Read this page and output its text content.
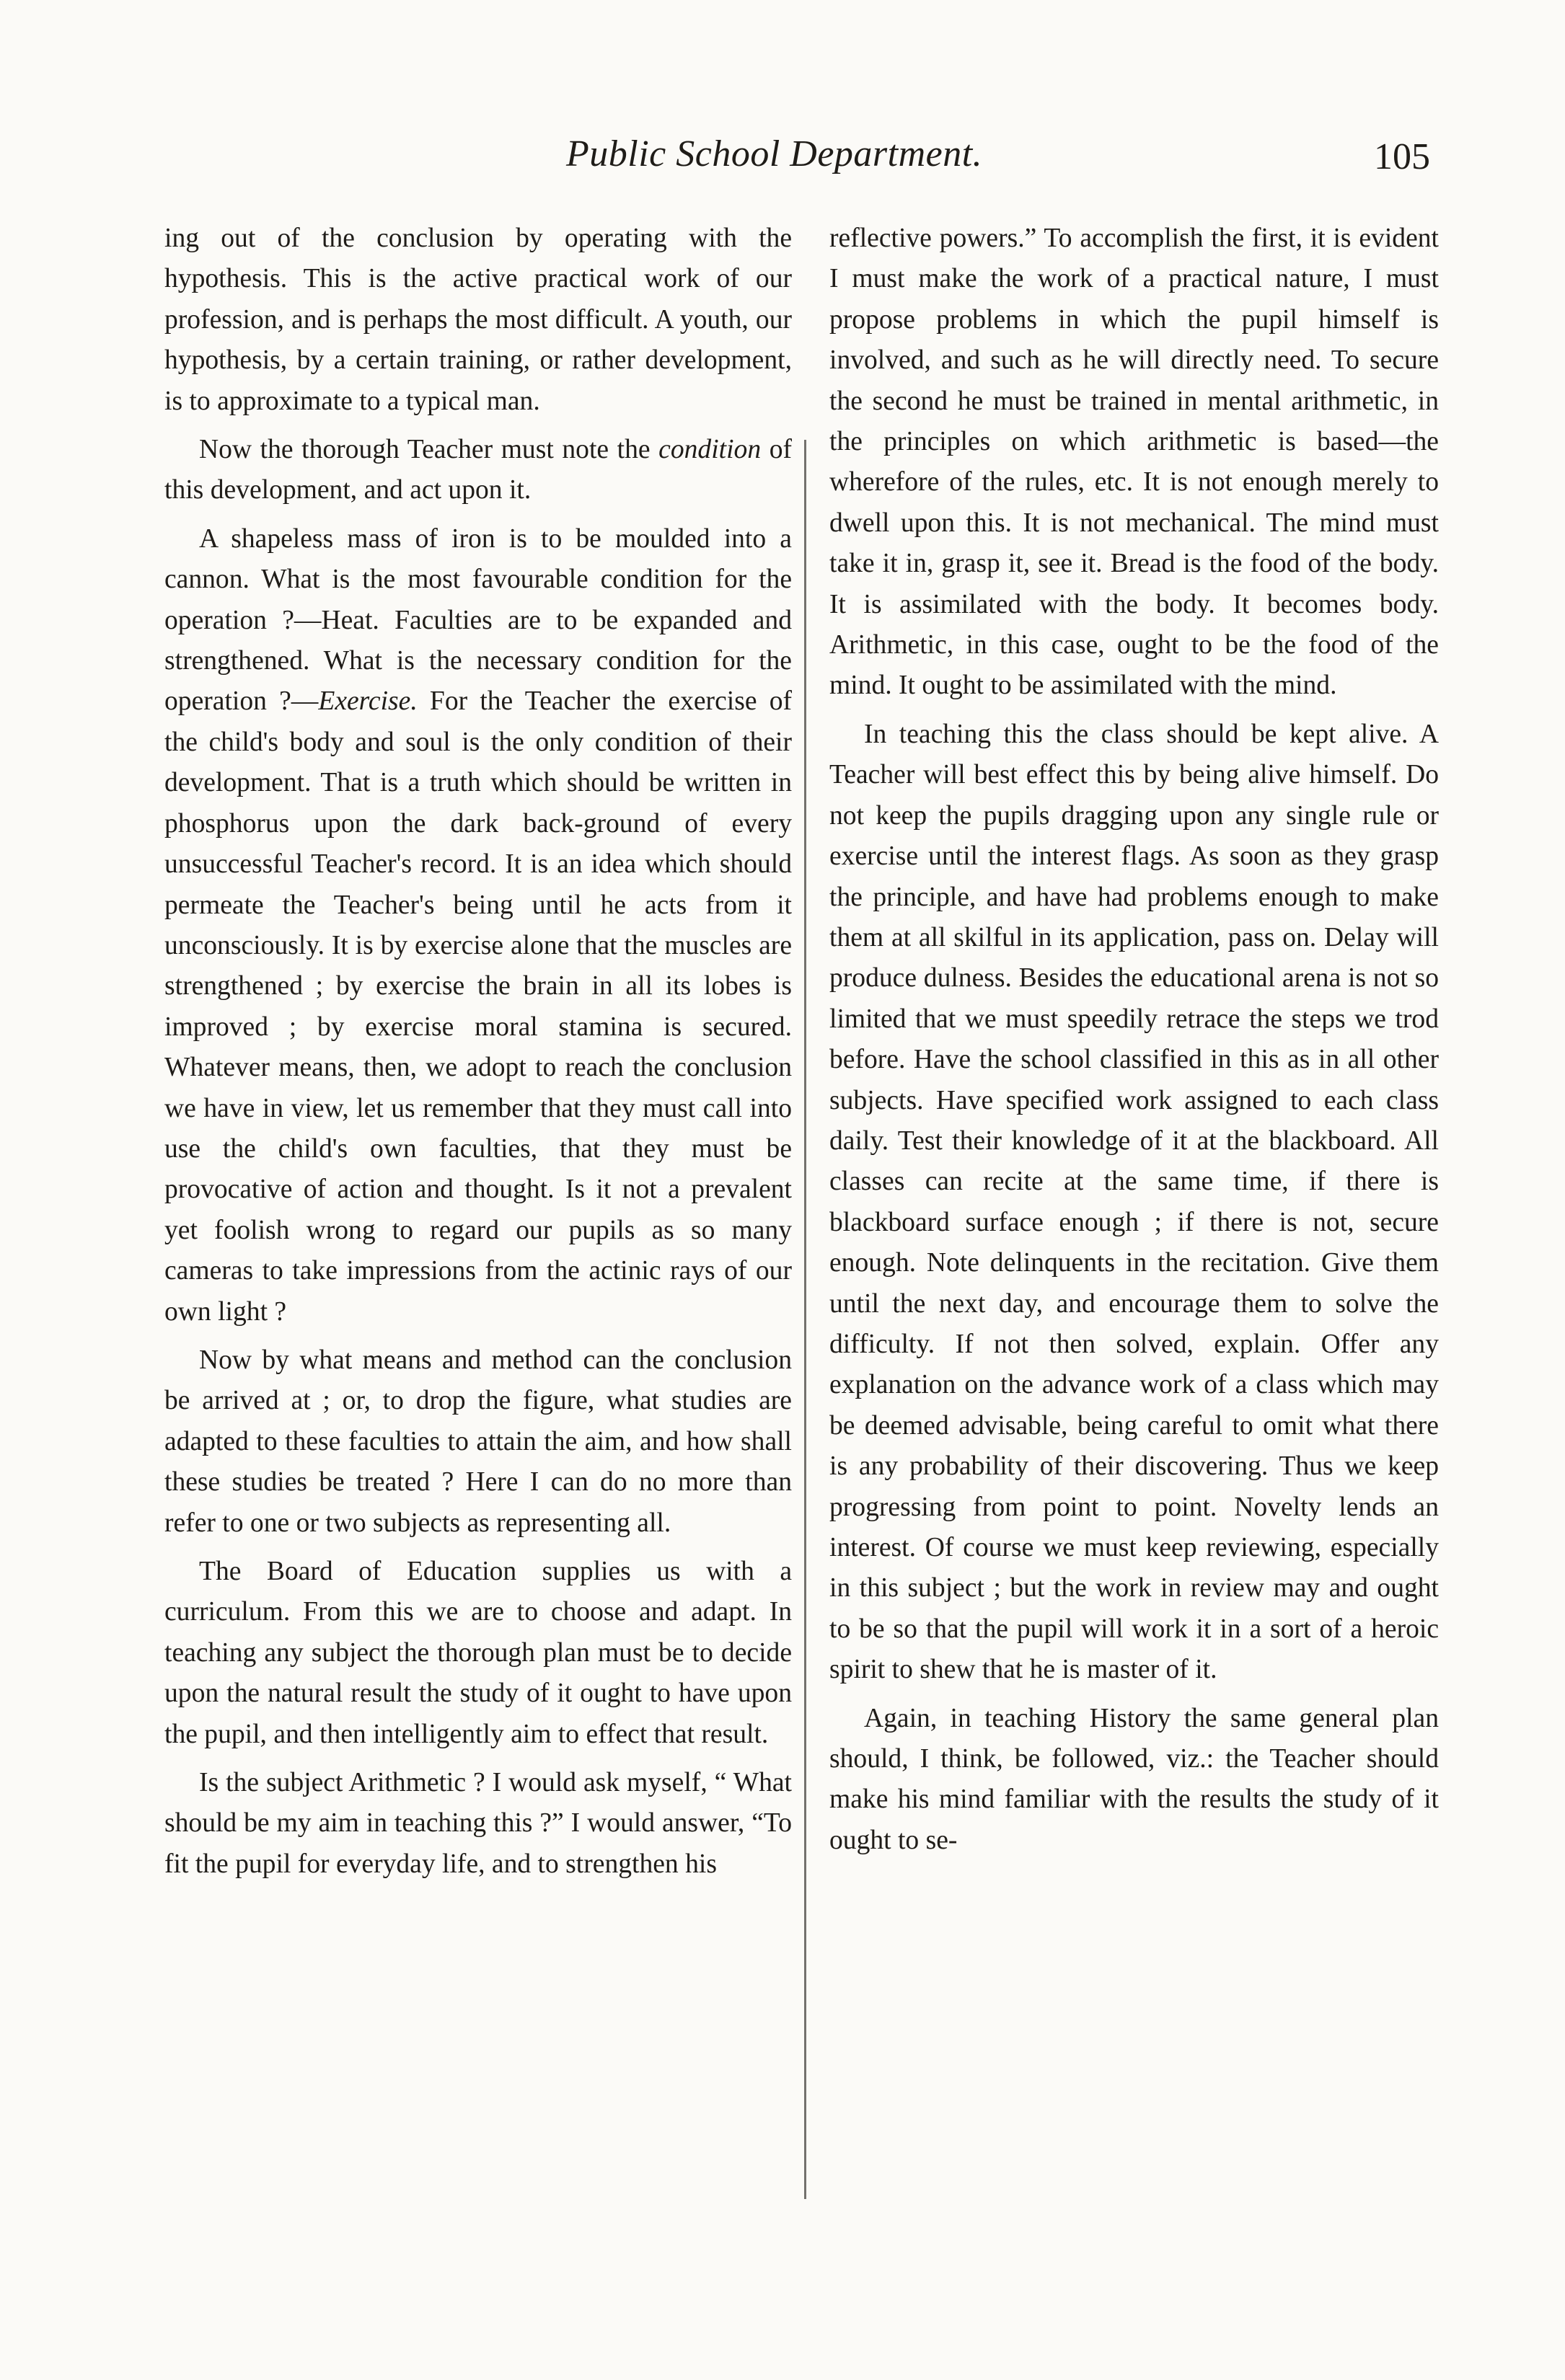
Public School Department.	105

ing out of the conclusion by operating with the hypothesis. This is the active practical work of our profession, and is perhaps the most difficult. A youth, our hypothesis, by a certain training, or rather development, is to approximate to a typical man.

Now the thorough Teacher must note the condition of this development, and act upon it.

A shapeless mass of iron is to be moulded into a cannon. What is the most favourable condition for the operation ?—Heat. Faculties are to be expanded and strengthened. What is the necessary condition for the operation ?—Exercise. For the Teacher the exercise of the child's body and soul is the only condition of their development. That is a truth which should be written in phosphorus upon the dark back-ground of every unsuccessful Teacher's record. It is an idea which should permeate the Teacher's being until he acts from it unconsciously. It is by exercise alone that the muscles are strengthened ; by exercise the brain in all its lobes is improved ; by exercise moral stamina is secured. Whatever means, then, we adopt to reach the conclusion we have in view, let us remember that they must call into use the child's own faculties, that they must be provocative of action and thought. Is it not a prevalent yet foolish wrong to regard our pupils as so many cameras to take impressions from the actinic rays of our own light ?

Now by what means and method can the conclusion be arrived at ; or, to drop the figure, what studies are adapted to these faculties to attain the aim, and how shall these studies be treated ? Here I can do no more than refer to one or two subjects as representing all.

The Board of Education supplies us with a curriculum. From this we are to choose and adapt. In teaching any subject the thorough plan must be to decide upon the natural result the study of it ought to have upon the pupil, and then intelligently aim to effect that result.

Is the subject Arithmetic ? I would ask myself, “ What should be my aim in teaching this ?” I would answer, “To fit the pupil for everyday life, and to strengthen his

reflective powers.” To accomplish the first, it is evident I must make the work of a practical nature, I must propose problems in which the pupil himself is involved, and such as he will directly need. To secure the second he must be trained in mental arithmetic, in the principles on which arithmetic is based—the wherefore of the rules, etc. It is not enough merely to dwell upon this. It is not mechanical. The mind must take it in, grasp it, see it. Bread is the food of the body. It is assimilated with the body. It becomes body. Arithmetic, in this case, ought to be the food of the mind. It ought to be assimilated with the mind.

In teaching this the class should be kept alive. A Teacher will best effect this by being alive himself. Do not keep the pupils dragging upon any single rule or exercise until the interest flags. As soon as they grasp the principle, and have had problems enough to make them at all skilful in its application, pass on. Delay will produce dulness. Besides the educational arena is not so limited that we must speedily retrace the steps we trod before. Have the school classified in this as in all other subjects. Have specified work assigned to each class daily. Test their knowledge of it at the blackboard. All classes can recite at the same time, if there is blackboard surface enough ; if there is not, secure enough. Note delinquents in the recitation. Give them until the next day, and encourage them to solve the difficulty. If not then solved, explain. Offer any explanation on the advance work of a class which may be deemed advisable, being careful to omit what there is any probability of their discovering. Thus we keep progressing from point to point. Novelty lends an interest. Of course we must keep reviewing, especially in this subject ; but the work in review may and ought to be so that the pupil will work it in a sort of a heroic spirit to shew that he is master of it.

Again, in teaching History the same general plan should, I think, be followed, viz.: the Teacher should make his mind familiar with the results the study of it ought to se-
